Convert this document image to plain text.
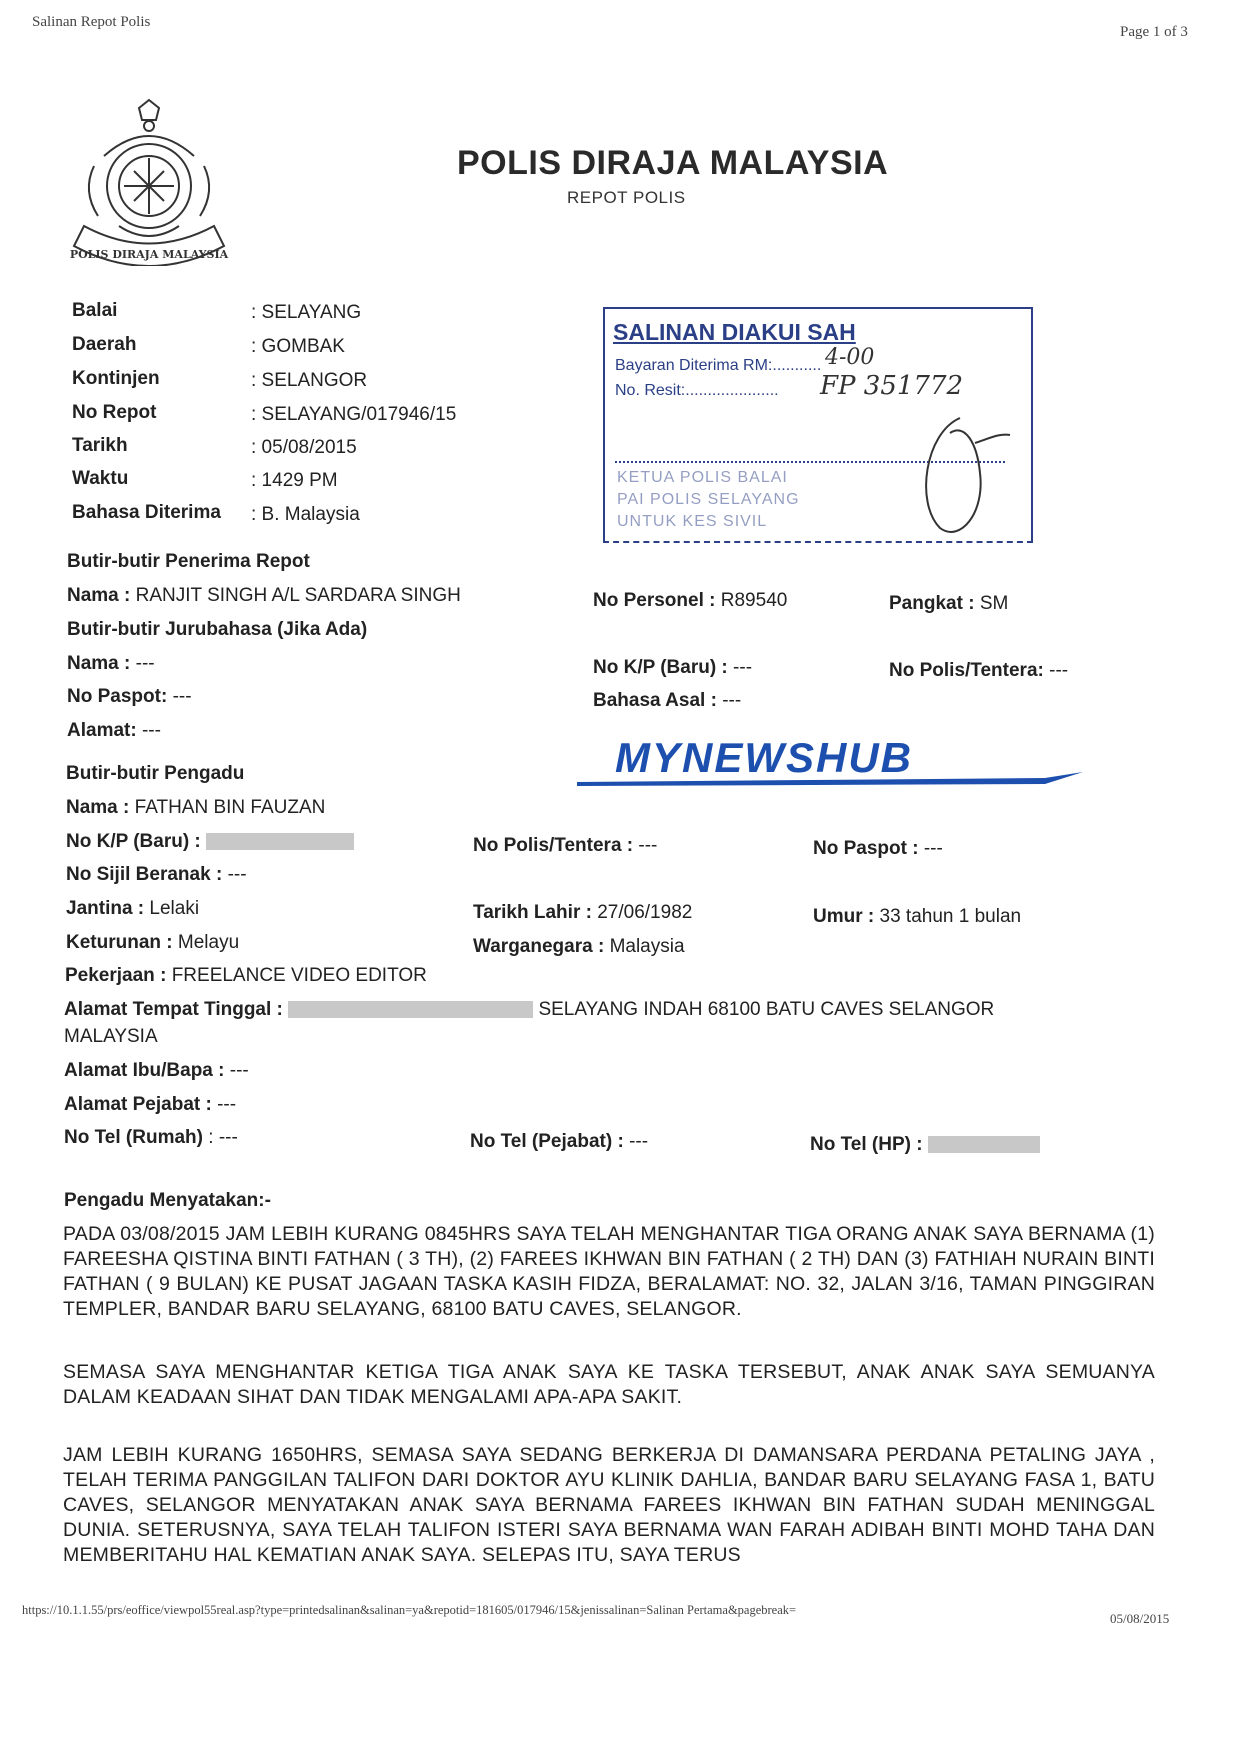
Salinan Repot Polis
Page 1 of 3
POLIS DIRAJA MALAYSIA
POLIS DIRAJA MALAYSIA
REPOT POLIS
Balai	: SELAYANG
Daerah	: GOMBAK
Kontinjen	: SELANGOR
No Repot	: SELAYANG/017946/15
Tarikh	: 05/08/2015
Waktu	: 1429 PM
Bahasa Diterima : B. Malaysia
SALINAN DIAKUI SAH
Bayaran Diterima RM:........... 4-00
No. Resit:..................... FP 351772
KETUA POLIS BALAI
PAI POLIS SELAYANG
UNTUK KES SIVIL
Butir-butir Penerima Repot
Nama : RANJIT SINGH A/L SARDARA SINGH	No Personel : R89540	Pangkat : SM
Butir-butir Jurubahasa (Jika Ada)
Nama : ---	No K/P (Baru) : ---	No Polis/Tentera: ---
No Paspot: ---	Bahasa Asal : ---
Alamat: ---
MYNEWSHUB
Butir-butir Pengadu
Nama : FATHAN BIN FAUZAN
No K/P (Baru) :	No Polis/Tentera : ---	No Paspot : ---
No Sijil Beranak : ---
Jantina : Lelaki	Tarikh Lahir : 27/06/1982	Umur : 33 tahun 1 bulan
Keturunan : Melayu	Warganegara : Malaysia
Pekerjaan : FREELANCE VIDEO EDITOR
Alamat Tempat Tinggal :	SELAYANG INDAH 68100 BATU CAVES SELANGOR
MALAYSIA
Alamat Ibu/Bapa : ---
Alamat Pejabat : ---
No Tel (Rumah) : ---	No Tel (Pejabat) : ---	No Tel (HP) :
Pengadu Menyatakan:-
PADA 03/08/2015 JAM LEBIH KURANG 0845HRS SAYA TELAH MENGHANTAR TIGA ORANG ANAK SAYA BERNAMA (1) FAREESHA QISTINA BINTI FATHAN ( 3 TH), (2) FAREES IKHWAN BIN FATHAN ( 2 TH) DAN (3) FATHIAH NURAIN BINTI FATHAN ( 9 BULAN) KE PUSAT JAGAAN TASKA KASIH FIDZA, BERALAMAT: NO. 32, JALAN 3/16, TAMAN PINGGIRAN TEMPLER, BANDAR BARU SELAYANG, 68100 BATU CAVES, SELANGOR.
SEMASA SAYA MENGHANTAR KETIGA TIGA ANAK SAYA KE TASKA TERSEBUT, ANAK ANAK SAYA SEMUANYA DALAM KEADAAN SIHAT DAN TIDAK MENGALAMI APA-APA SAKIT.
JAM LEBIH KURANG 1650HRS, SEMASA SAYA SEDANG BERKERJA DI DAMANSARA PERDANA PETALING JAYA , TELAH TERIMA PANGGILAN TALIFON DARI DOKTOR AYU KLINIK DAHLIA, BANDAR BARU SELAYANG FASA 1, BATU CAVES, SELANGOR MENYATAKAN ANAK SAYA BERNAMA FAREES IKHWAN BIN FATHAN SUDAH MENINGGAL DUNIA. SETERUSNYA, SAYA TELAH TALIFON ISTERI SAYA BERNAMA WAN FARAH ADIBAH BINTI MOHD TAHA DAN MEMBERITAHU HAL KEMATIAN ANAK SAYA. SELEPAS ITU, SAYA TERUS
https://10.1.1.55/prs/eoffice/viewpol55real.asp?type=printedsalinan&salinan=ya&repotid=181605/017946/15&jenissalinan=Salinan Pertama&pagebreak=
05/08/2015
